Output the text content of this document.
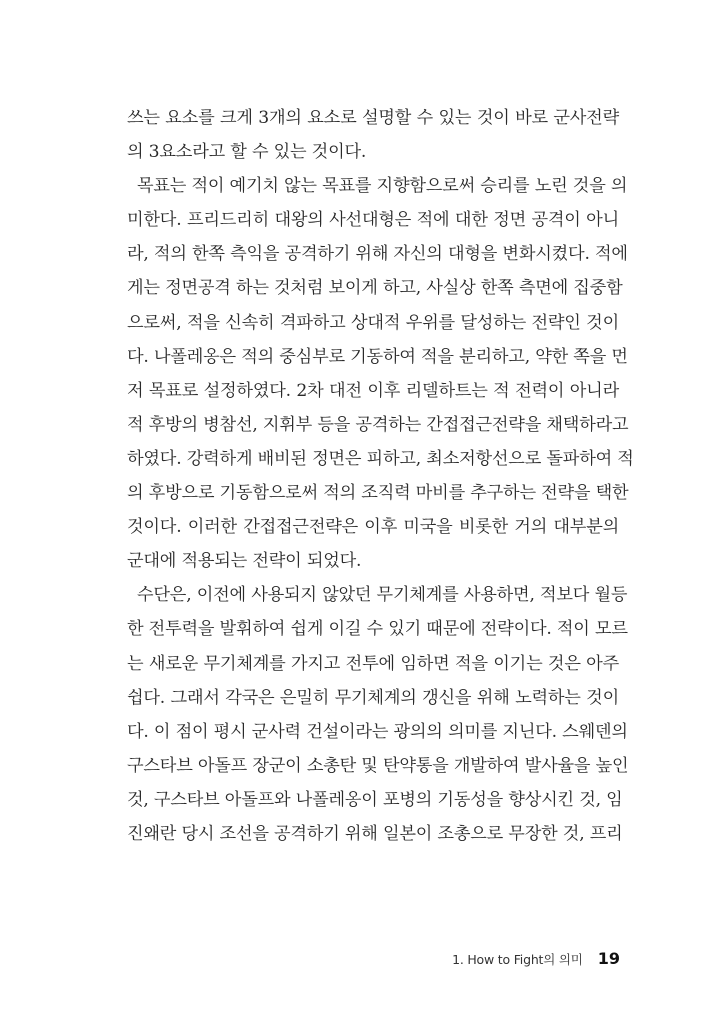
쓰는 요소를 크게 3개의 요소로 설명할 수 있는 것이 바로 군사전략
의 3요소라고 할 수 있는 것이다.
목표는 적이 예기치 않는 목표를 지향함으로써 승리를 노린 것을 의
미한다. 프리드리히 대왕의 사선대형은 적에 대한 정면 공격이 아니
라, 적의 한쪽 측익을 공격하기 위해 자신의 대형을 변화시켰다. 적에
게는 정면공격 하는 것처럼 보이게 하고, 사실상 한쪽 측면에 집중함
으로써, 적을 신속히 격파하고 상대적 우위를 달성하는 전략인 것이
다. 나폴레옹은 적의 중심부로 기동하여 적을 분리하고, 약한 쪽을 먼
저 목표로 설정하였다. 2차 대전 이후 리델하트는 적 전력이 아니라
적 후방의 병참선, 지휘부 등을 공격하는 간접접근전략을 채택하라고
하였다. 강력하게 배비된 정면은 피하고, 최소저항선으로 돌파하여 적
의 후방으로 기동함으로써 적의 조직력 마비를 추구하는 전략을 택한
것이다. 이러한 간접접근전략은 이후 미국을 비롯한 거의 대부분의
군대에 적용되는 전략이 되었다.
수단은, 이전에 사용되지 않았던 무기체계를 사용하면, 적보다 월등
한 전투력을 발휘하여 쉽게 이길 수 있기 때문에 전략이다. 적이 모르
는 새로운 무기체계를 가지고 전투에 임하면 적을 이기는 것은 아주
쉽다. 그래서 각국은 은밀히 무기체계의 갱신을 위해 노력하는 것이
다. 이 점이 평시 군사력 건설이라는 광의의 의미를 지닌다. 스웨덴의
구스타브 아돌프 장군이 소총탄 및 탄약통을 개발하여 발사율을 높인
것, 구스타브 아돌프와 나폴레옹이 포병의 기동성을 향상시킨 것, 임
진왜란 당시 조선을 공격하기 위해 일본이 조총으로 무장한 것, 프리
1. How to Fight의 의미 19
